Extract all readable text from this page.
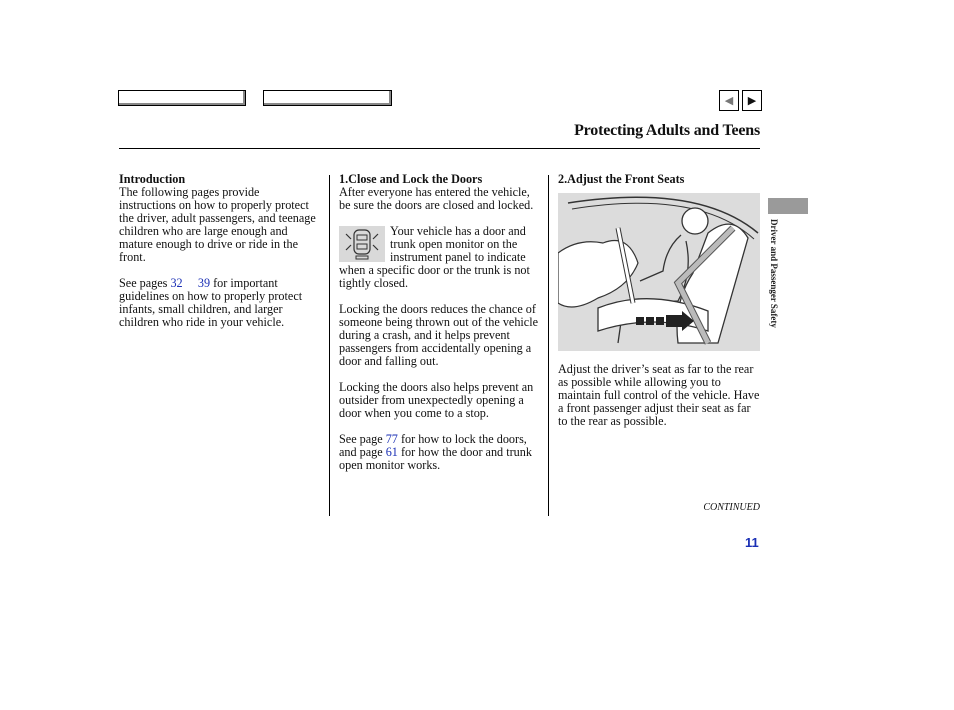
◀ ▶
Protecting Adults and Teens

Introduction

The following pages provide instructions on how to properly protect the driver, adult passengers, and teenage children who are large enough and mature enough to drive or ride in the front.

See pages 32 39 for important guidelines on how to properly protect infants, small children, and larger children who ride in your vehicle.

1.Close and Lock the Doors

After everyone has entered the vehicle, be sure the doors are closed and locked.

Your vehicle has a door and trunk open monitor on the instrument panel to indicate when a specific door or the trunk is not tightly closed.

Locking the doors reduces the chance of someone being thrown out of the vehicle during a crash, and it helps prevent passengers from accidentally opening a door and falling out.

Locking the doors also helps prevent an outsider from unexpectedly opening a door when you come to a stop.

See page 77 for how to lock the doors, and page 61 for how the door and trunk open monitor works.

2.Adjust the Front Seats

Adjust the driver’s seat as far to the rear as possible while allowing you to maintain full control of the vehicle. Have a front passenger adjust their seat as far to the rear as possible.

Driver and Passenger Safety
CONTINUED
11
